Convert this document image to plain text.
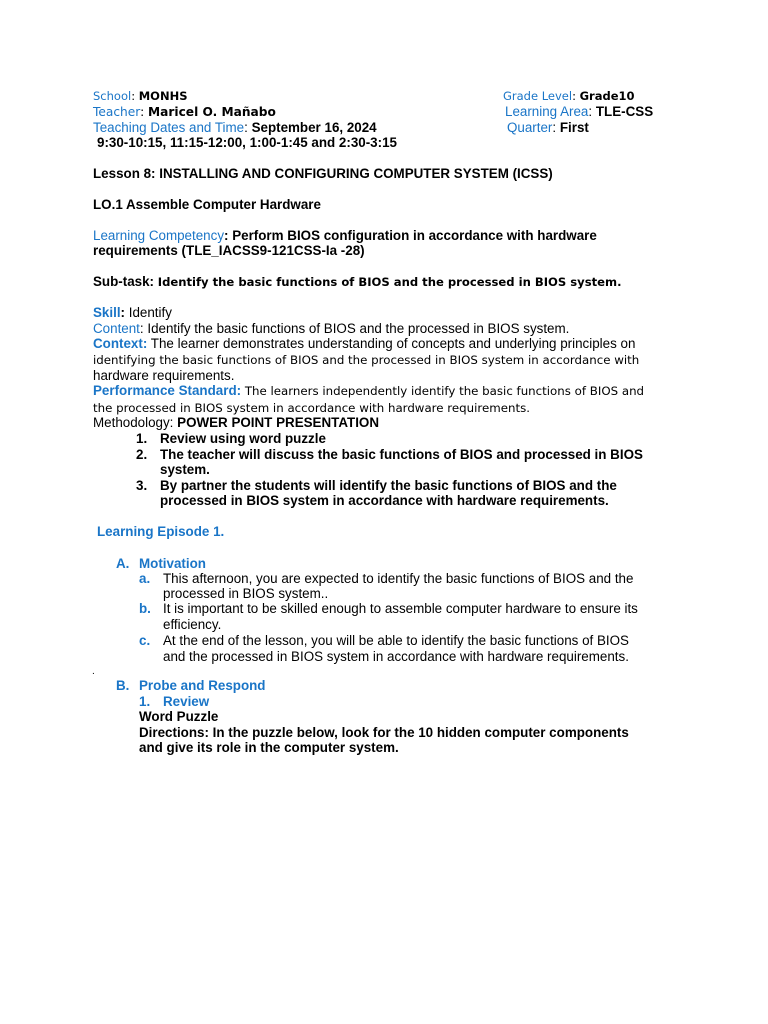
School: MONHS	Grade Level: Grade10
Teacher: Maricel O. Mañabo	Learning Area: TLE-CSS
Teaching Dates and Time: September 16, 2024	Quarter: First
9:30-10:15, 11:15-12:00, 1:00-1:45 and 2:30-3:15
Lesson 8: INSTALLING AND CONFIGURING COMPUTER SYSTEM (ICSS)
LO.1 Assemble Computer Hardware
Learning Competency: Perform BIOS configuration in accordance with hardware
requirements (TLE_IACSS9-121CSS-Ia -28)
Sub-task: Identify the basic functions of BIOS and the processed in BIOS system.
Skill: Identify
Content: Identify the basic functions of BIOS and the processed in BIOS system.
Context: The learner demonstrates understanding of concepts and underlying principles on
identifying the basic functions of BIOS and the processed in BIOS system in accordance with
hardware requirements.
Performance Standard: The learners independently identify the basic functions of BIOS and
the processed in BIOS system in accordance with hardware requirements.
Methodology: POWER POINT PRESENTATION
1. Review using word puzzle
2. The teacher will discuss the basic functions of BIOS and processed in BIOS
system.
3. By partner the students will identify the basic functions of BIOS and the
processed in BIOS system in accordance with hardware requirements.
Learning Episode 1.
A. Motivation
a. This afternoon, you are expected to identify the basic functions of BIOS and the
processed in BIOS system..
b. It is important to be skilled enough to assemble computer hardware to ensure its
efficiency.
c. At the end of the lesson, you will be able to identify the basic functions of BIOS
and the processed in BIOS system in accordance with hardware requirements.
.
B. Probe and Respond
1. Review
Word Puzzle
Directions: In the puzzle below, look for the 10 hidden computer components
and give its role in the computer system.
